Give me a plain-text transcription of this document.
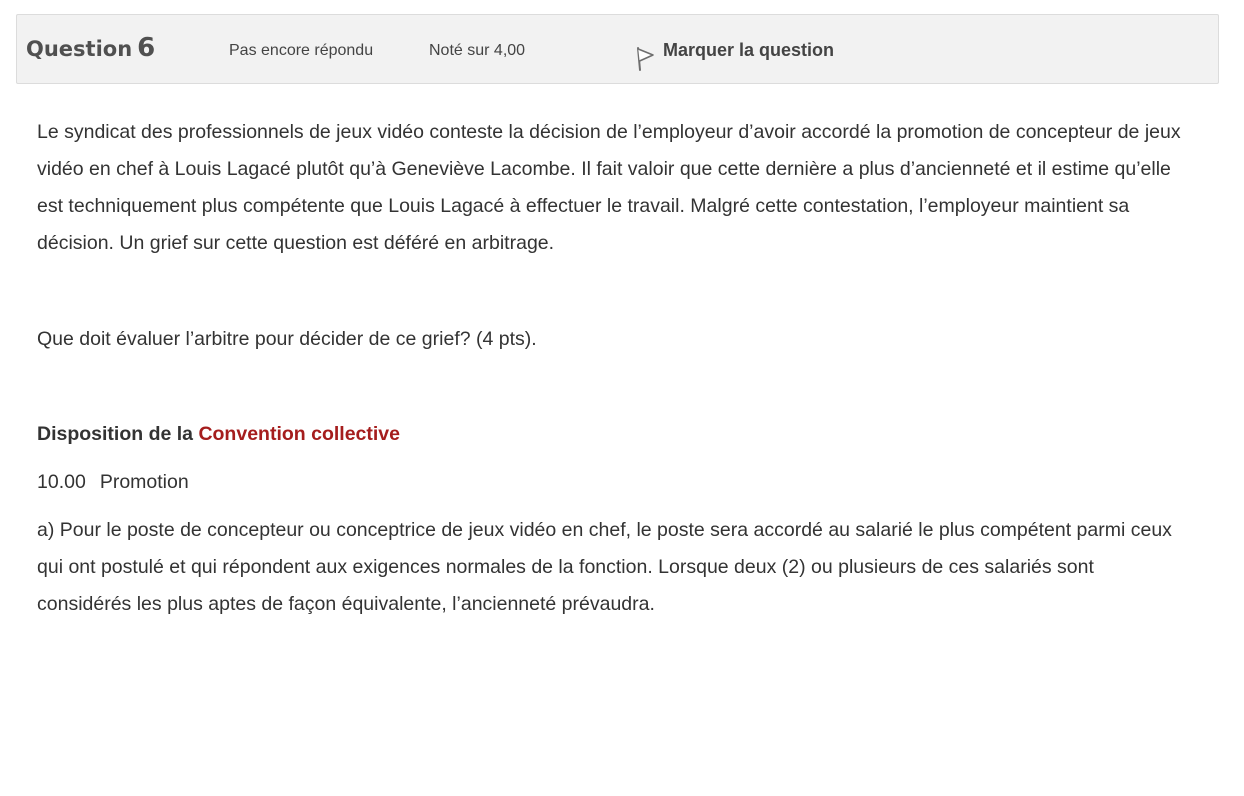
Question 6	Pas encore répondu	Noté sur 4,00	Marquer la question

Le syndicat des professionnels de jeux vidéo conteste la décision de l’employeur d’avoir accordé la promotion de concepteur de jeux vidéo en chef à Louis Lagacé plutôt qu’à Geneviève Lacombe. Il fait valoir que cette dernière a plus d’ancienneté et il estime qu’elle est techniquement plus compétente que Louis Lagacé à effectuer le travail. Malgré cette contestation, l’employeur maintient sa décision. Un grief sur cette question est déféré en arbitrage.

Que doit évaluer l’arbitre pour décider de ce grief? (4 pts).

Disposition de la Convention collective

10.00 Promotion

a) Pour le poste de concepteur ou conceptrice de jeux vidéo en chef, le poste sera accordé au salarié le plus compétent parmi ceux qui ont postulé et qui répondent aux exigences normales de la fonction. Lorsque deux (2) ou plusieurs de ces salariés sont considérés les plus aptes de façon équivalente, l’ancienneté prévaudra.
